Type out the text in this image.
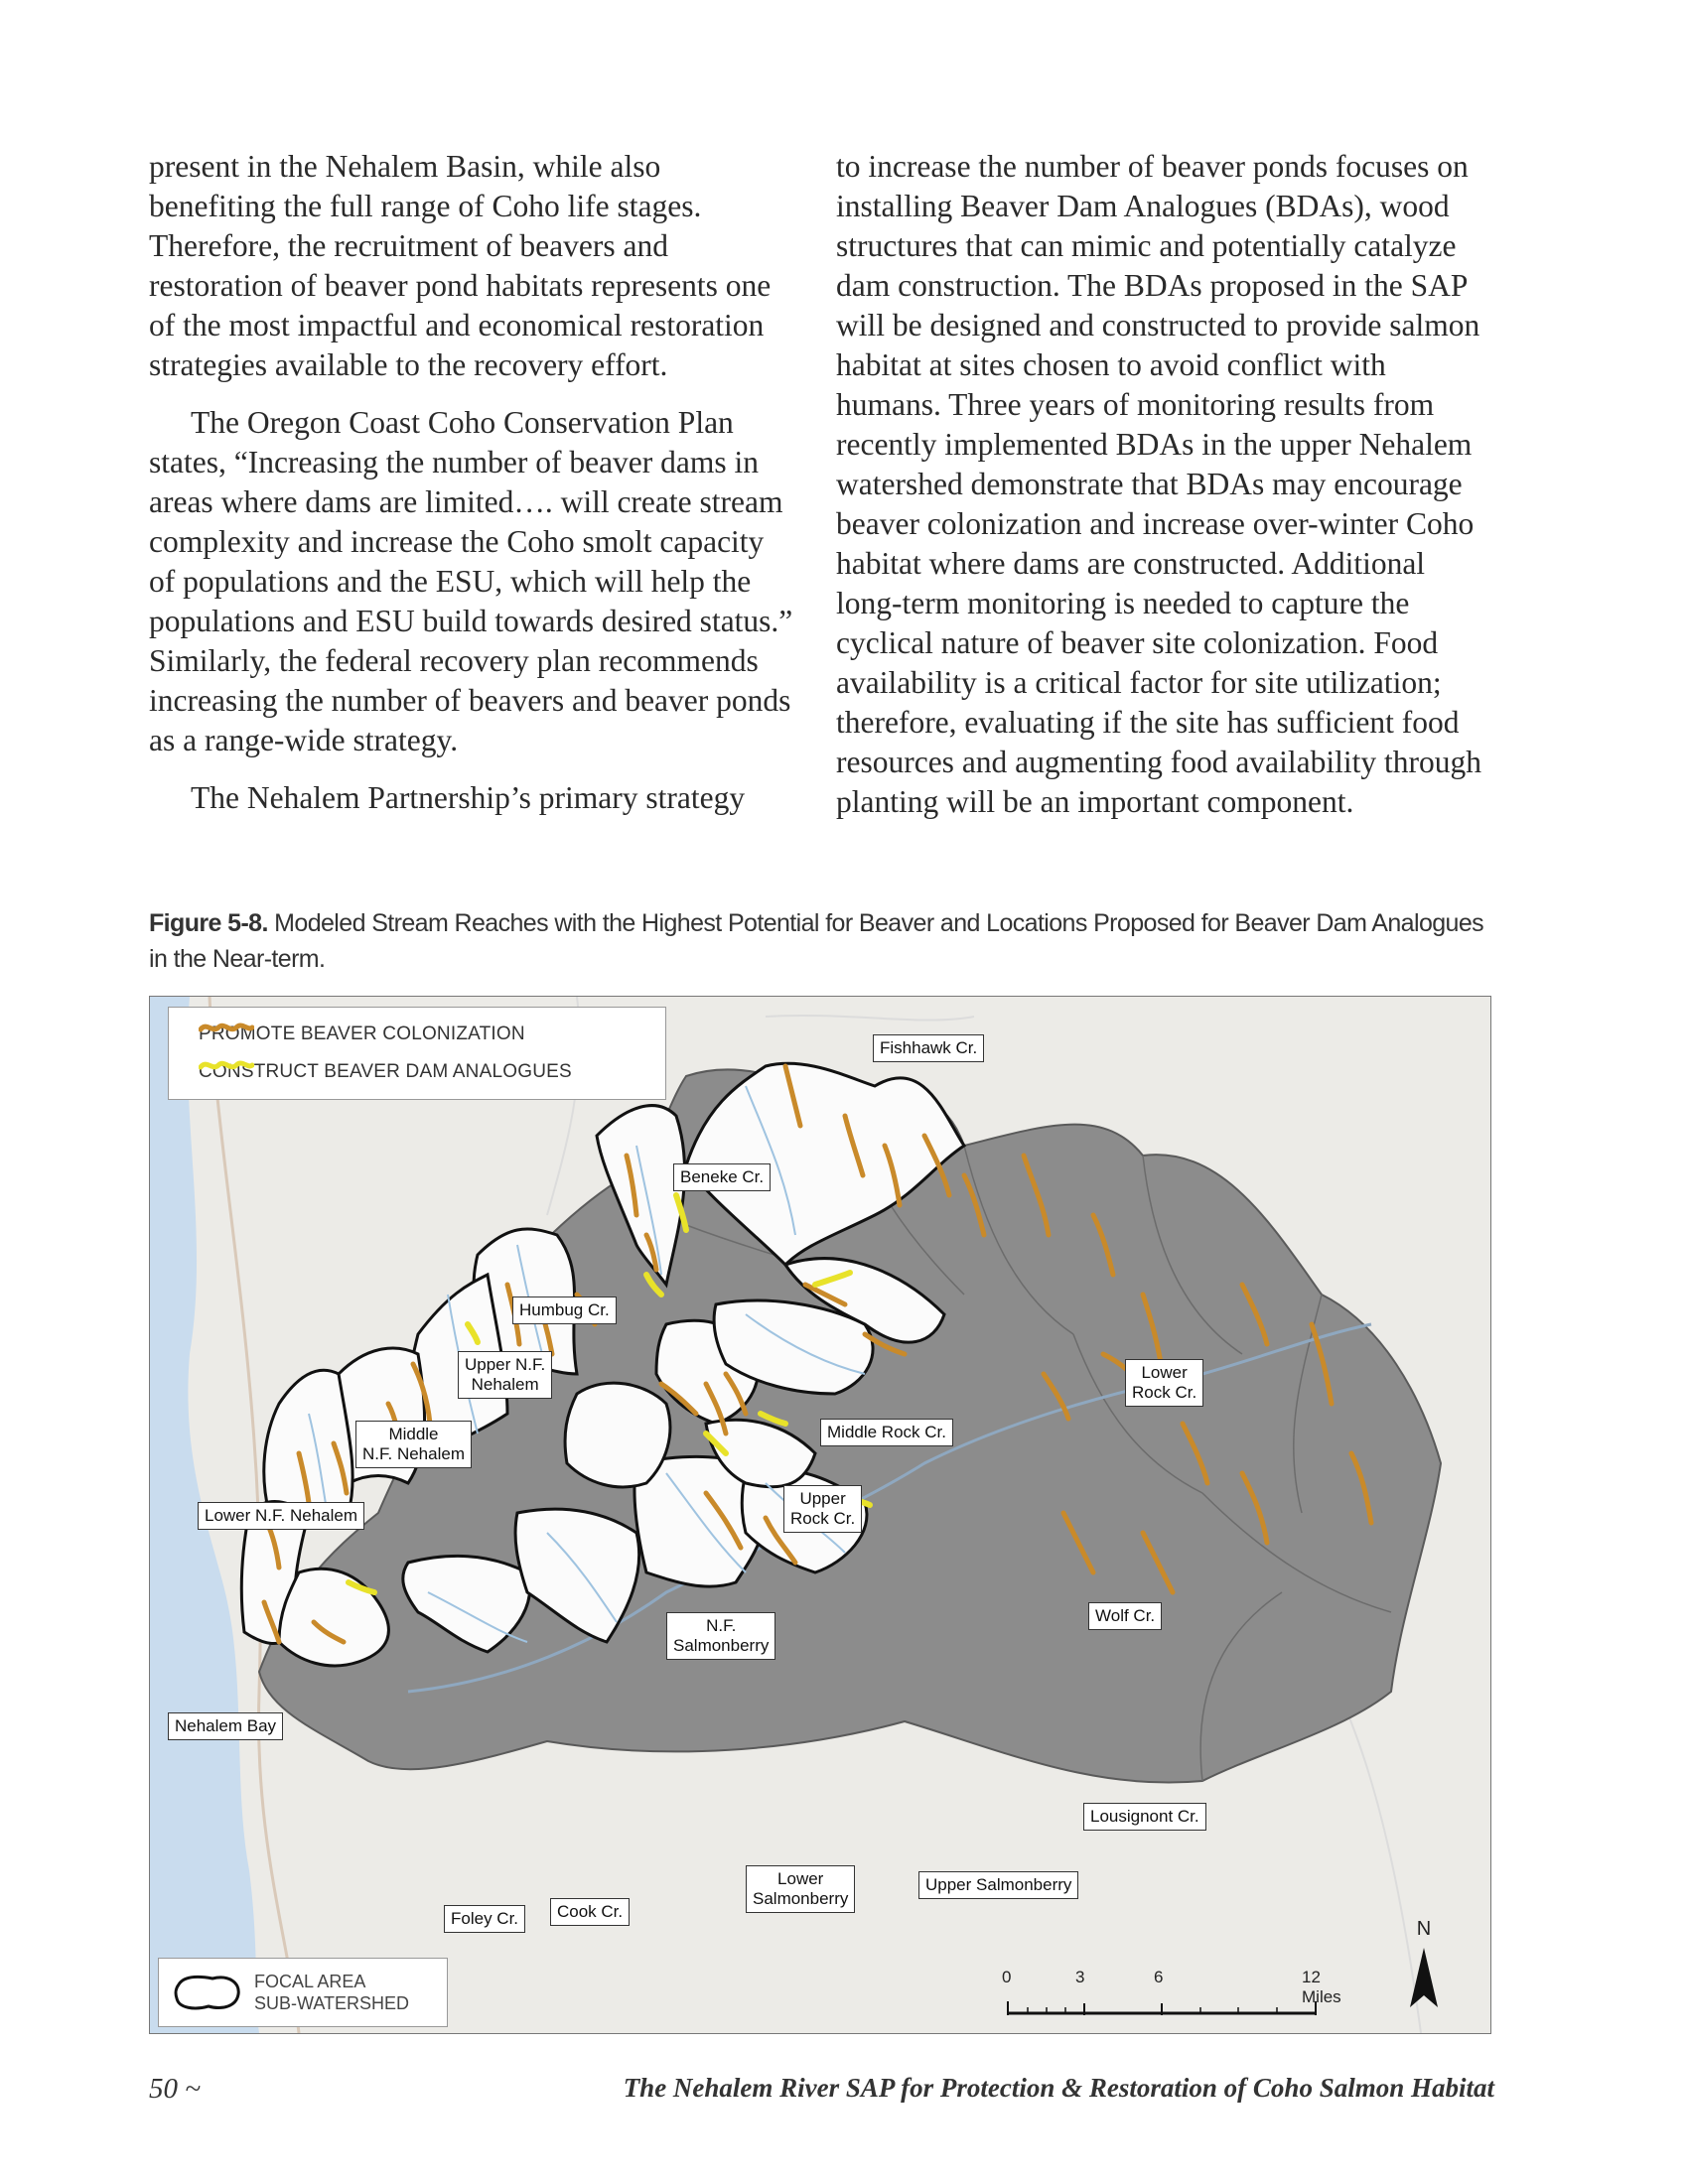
present in the Nehalem Basin, while also benefiting the full range of Coho life stages. Therefore, the recruitment of beavers and restoration of beaver pond habitats represents one of the most impactful and economical restoration strategies available to the recovery effort.

The Oregon Coast Coho Conservation Plan states, “Increasing the number of beaver dams in areas where dams are limited…. will create stream complexity and increase the Coho smolt capacity of populations and the ESU, which will help the populations and ESU build towards desired status.” Similarly, the federal recovery plan recommends increasing the number of beavers and beaver ponds as a range-wide strategy.

The Nehalem Partnership’s primary strategy

to increase the number of beaver ponds focuses on installing Beaver Dam Analogues (BDAs), wood structures that can mimic and potentially catalyze dam construction. The BDAs proposed in the SAP will be designed and constructed to provide salmon habitat at sites chosen to avoid conflict with humans. Three years of monitoring results from recently implemented BDAs in the upper Nehalem watershed demonstrate that BDAs may encourage beaver colonization and increase over-winter Coho habitat where dams are constructed. Additional long-term monitoring is needed to capture the cyclical nature of beaver site colonization. Food availability is a critical factor for site utilization; therefore, evaluating if the site has sufficient food resources and augmenting food availability through planting will be an important component.

Figure 5-8. Modeled Stream Reaches with the Highest Potential for Beaver and Locations Proposed for Beaver Dam Analogues in the Near-term.
PROMOTE BEAVER COLONIZATION
CONSTRUCT BEAVER DAM ANALOGUES
Fishhawk Cr.
Beneke Cr.
Humbug Cr.
Upper N.F.
Nehalem
Middle
N.F. Nehalem
Lower N.F. Nehalem
Lower
Rock Cr.
Middle Rock Cr.
Upper
Rock Cr.
Wolf Cr.
N.F.
Salmonberry
Nehalem Bay
Lousignont Cr.
Upper Salmonberry
Lower
Salmonberry
Cook Cr.
Foley Cr.
FOCAL AREA
SUB-WATERSHED
0	3	6	12 Miles
N
50 ~	The Nehalem River SAP for Protection & Restoration of Coho Salmon Habitat
